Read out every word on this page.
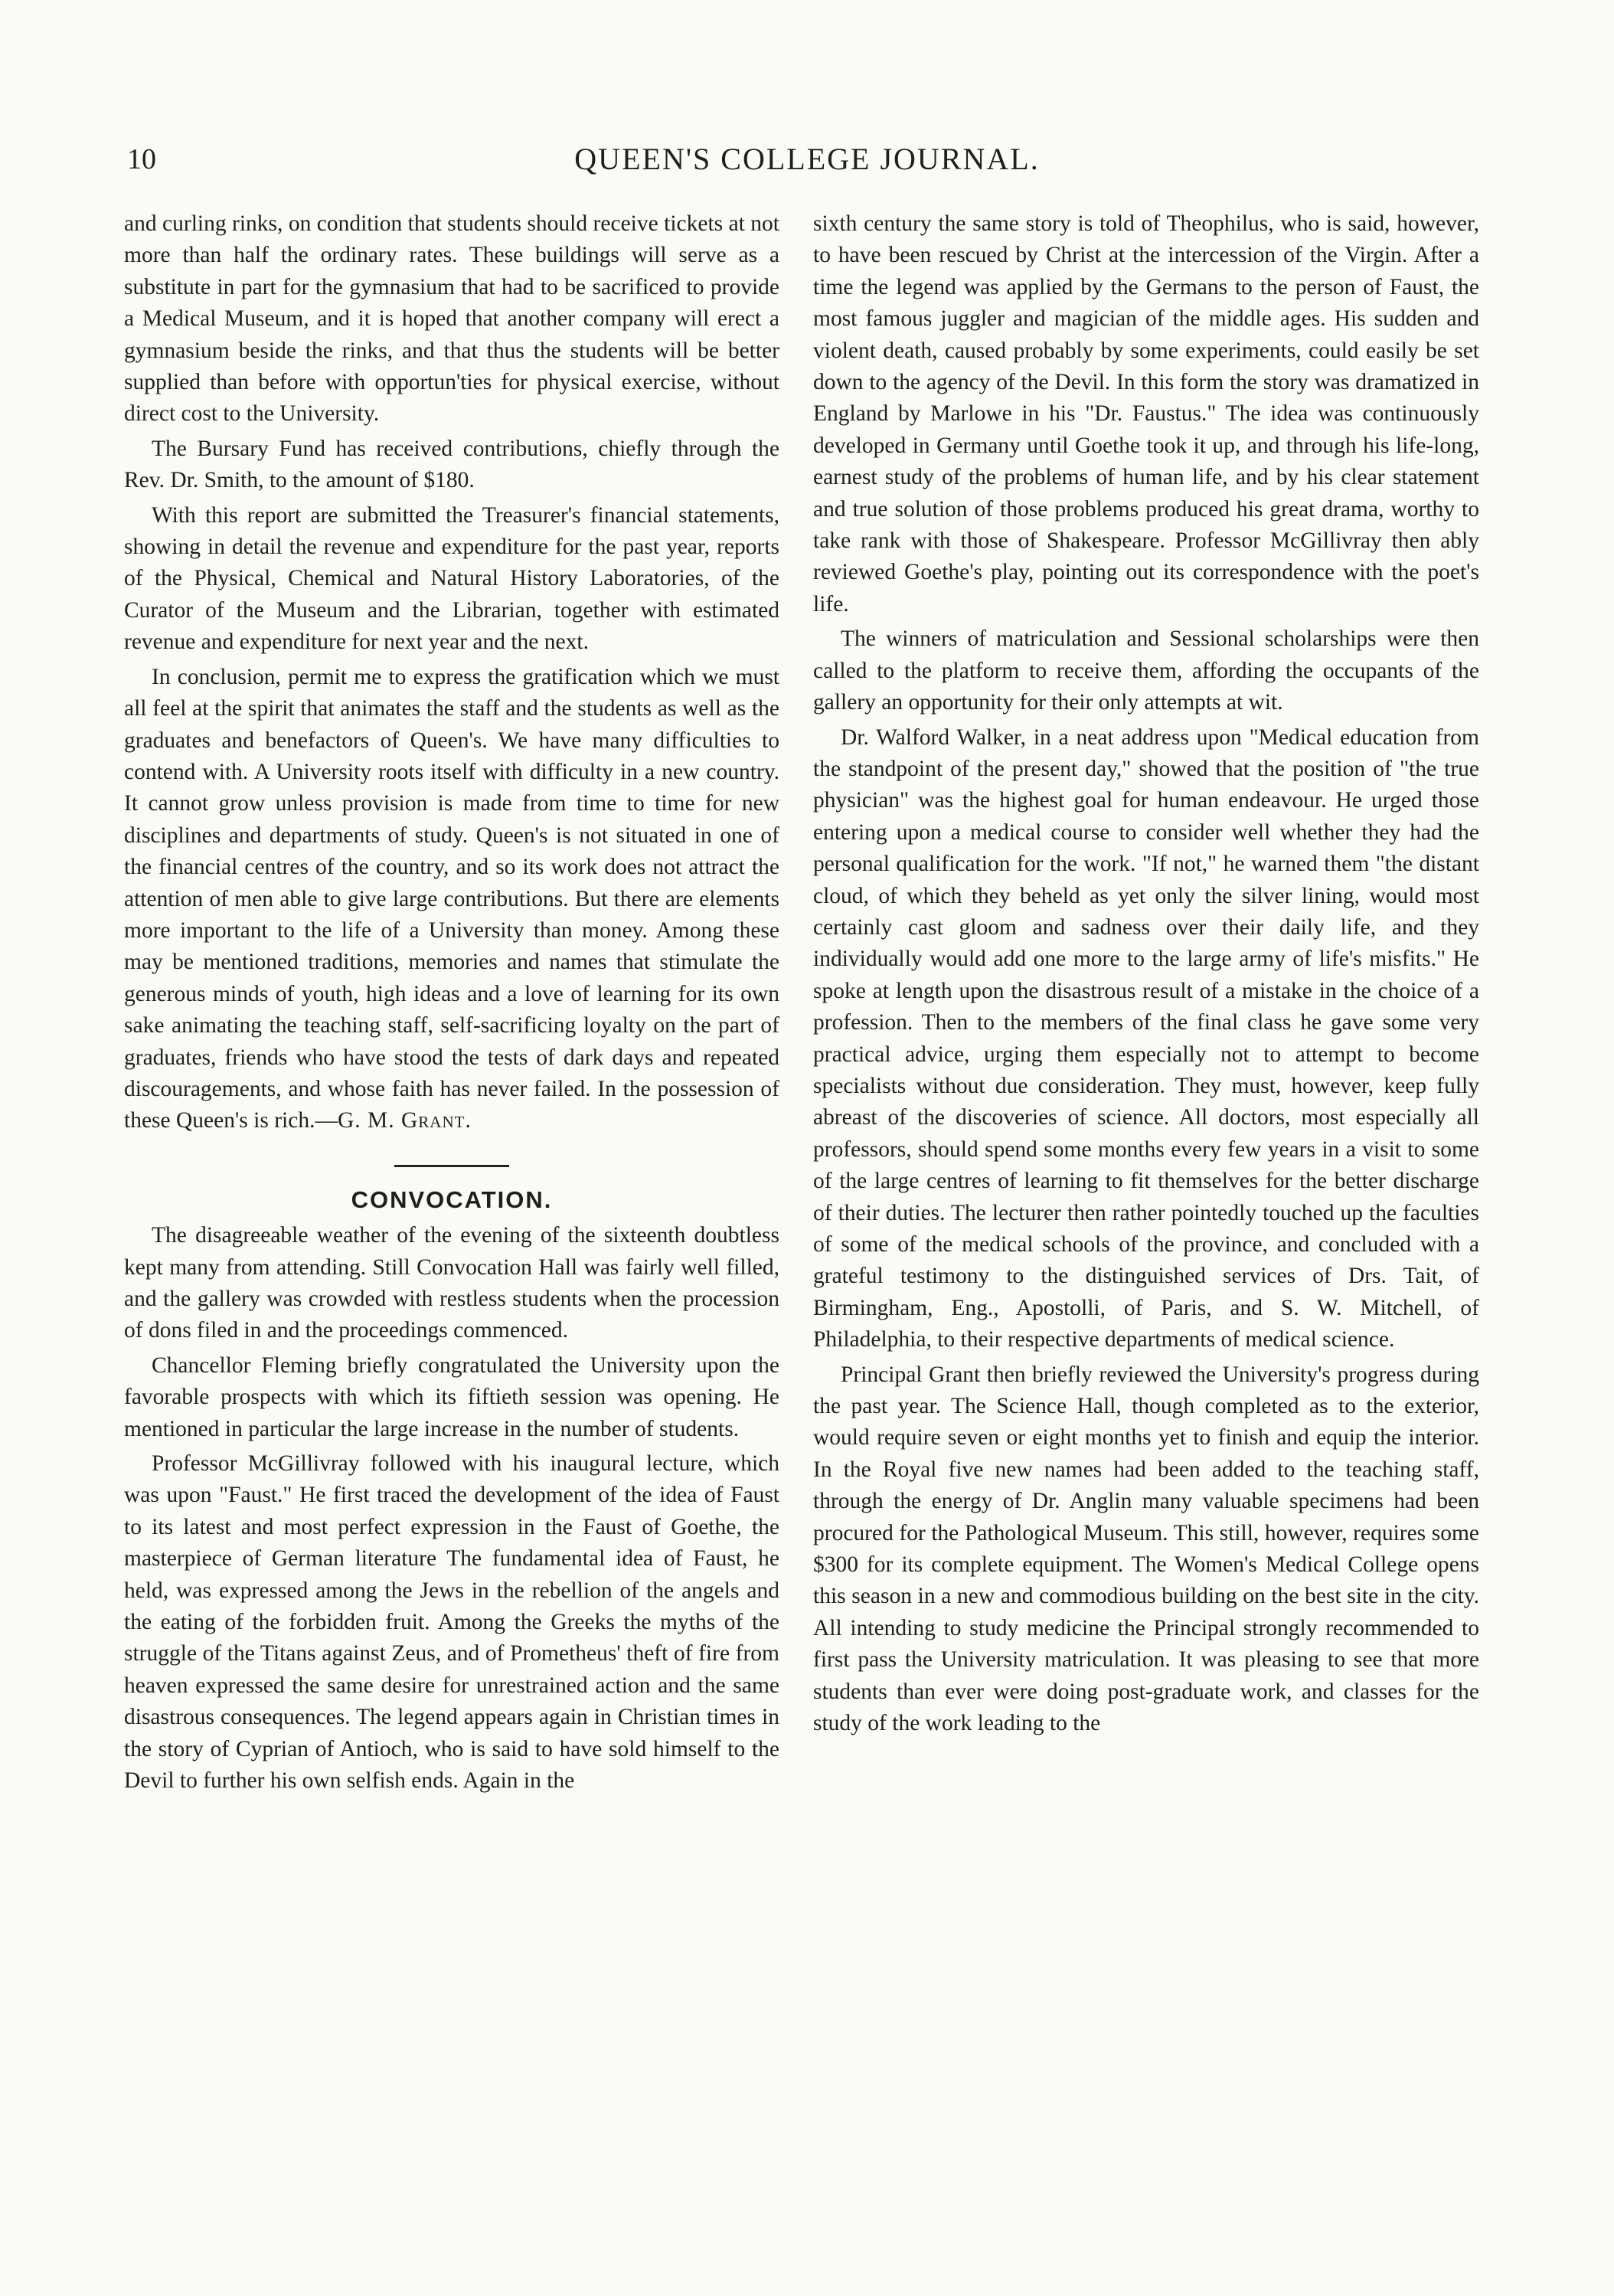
10	QUEEN'S COLLEGE JOURNAL.

and curling rinks, on condition that students should receive tickets at not more than half the ordinary rates. These buildings will serve as a substitute in part for the gymnasium that had to be sacrificed to provide a Medical Museum, and it is hoped that another company will erect a gymnasium beside the rinks, and that thus the students will be better supplied than before with opportun'ties for physical exercise, without direct cost to the University.

The Bursary Fund has received contributions, chiefly through the Rev. Dr. Smith, to the amount of $180.

With this report are submitted the Treasurer's financial statements, showing in detail the revenue and expenditure for the past year, reports of the Physical, Chemical and Natural History Laboratories, of the Curator of the Museum and the Librarian, together with estimated revenue and expenditure for next year and the next.

In conclusion, permit me to express the gratification which we must all feel at the spirit that animates the staff and the students as well as the graduates and benefactors of Queen's. We have many difficulties to contend with. A University roots itself with difficulty in a new country. It cannot grow unless provision is made from time to time for new disciplines and departments of study. Queen's is not situated in one of the financial centres of the country, and so its work does not attract the attention of men able to give large contributions. But there are elements more important to the life of a University than money. Among these may be mentioned traditions, memories and names that stimulate the generous minds of youth, high ideas and a love of learning for its own sake animating the teaching staff, self-sacrificing loyalty on the part of graduates, friends who have stood the tests of dark days and repeated discouragements, and whose faith has never failed. In the possession of these Queen's is rich.—G. M. Grant.

CONVOCATION.

The disagreeable weather of the evening of the sixteenth doubtless kept many from attending. Still Convocation Hall was fairly well filled, and the gallery was crowded with restless students when the procession of dons filed in and the proceedings commenced.

Chancellor Fleming briefly congratulated the University upon the favorable prospects with which its fiftieth session was opening. He mentioned in particular the large increase in the number of students.

Professor McGillivray followed with his inaugural lecture, which was upon "Faust." He first traced the development of the idea of Faust to its latest and most perfect expression in the Faust of Goethe, the masterpiece of German literature The fundamental idea of Faust, he held, was expressed among the Jews in the rebellion of the angels and the eating of the forbidden fruit. Among the Greeks the myths of the struggle of the Titans against Zeus, and of Prometheus' theft of fire from heaven expressed the same desire for unrestrained action and the same disastrous consequences. The legend appears again in Christian times in the story of Cyprian of Antioch, who is said to have sold himself to the Devil to further his own selfish ends. Again in the

sixth century the same story is told of Theophilus, who is said, however, to have been rescued by Christ at the intercession of the Virgin. After a time the legend was applied by the Germans to the person of Faust, the most famous juggler and magician of the middle ages. His sudden and violent death, caused probably by some experiments, could easily be set down to the agency of the Devil. In this form the story was dramatized in England by Marlowe in his "Dr. Faustus." The idea was continuously developed in Germany until Goethe took it up, and through his life-long, earnest study of the problems of human life, and by his clear statement and true solution of those problems produced his great drama, worthy to take rank with those of Shakespeare. Professor McGillivray then ably reviewed Goethe's play, pointing out its correspondence with the poet's life.

The winners of matriculation and Sessional scholarships were then called to the platform to receive them, affording the occupants of the gallery an opportunity for their only attempts at wit.

Dr. Walford Walker, in a neat address upon "Medical education from the standpoint of the present day," showed that the position of "the true physician" was the highest goal for human endeavour. He urged those entering upon a medical course to consider well whether they had the personal qualification for the work. "If not," he warned them "the distant cloud, of which they beheld as yet only the silver lining, would most certainly cast gloom and sadness over their daily life, and they individually would add one more to the large army of life's misfits." He spoke at length upon the disastrous result of a mistake in the choice of a profession. Then to the members of the final class he gave some very practical advice, urging them especially not to attempt to become specialists without due consideration. They must, however, keep fully abreast of the discoveries of science. All doctors, most especially all professors, should spend some months every few years in a visit to some of the large centres of learning to fit themselves for the better discharge of their duties. The lecturer then rather pointedly touched up the faculties of some of the medical schools of the province, and concluded with a grateful testimony to the distinguished services of Drs. Tait, of Birmingham, Eng., Apostolli, of Paris, and S. W. Mitchell, of Philadelphia, to their respective departments of medical science.

Principal Grant then briefly reviewed the University's progress during the past year. The Science Hall, though completed as to the exterior, would require seven or eight months yet to finish and equip the interior. In the Royal five new names had been added to the teaching staff, through the energy of Dr. Anglin many valuable specimens had been procured for the Pathological Museum. This still, however, requires some $300 for its complete equipment. The Women's Medical College opens this season in a new and commodious building on the best site in the city. All intending to study medicine the Principal strongly recommended to first pass the University matriculation. It was pleasing to see that more students than ever were doing post-graduate work, and classes for the study of the work leading to the
